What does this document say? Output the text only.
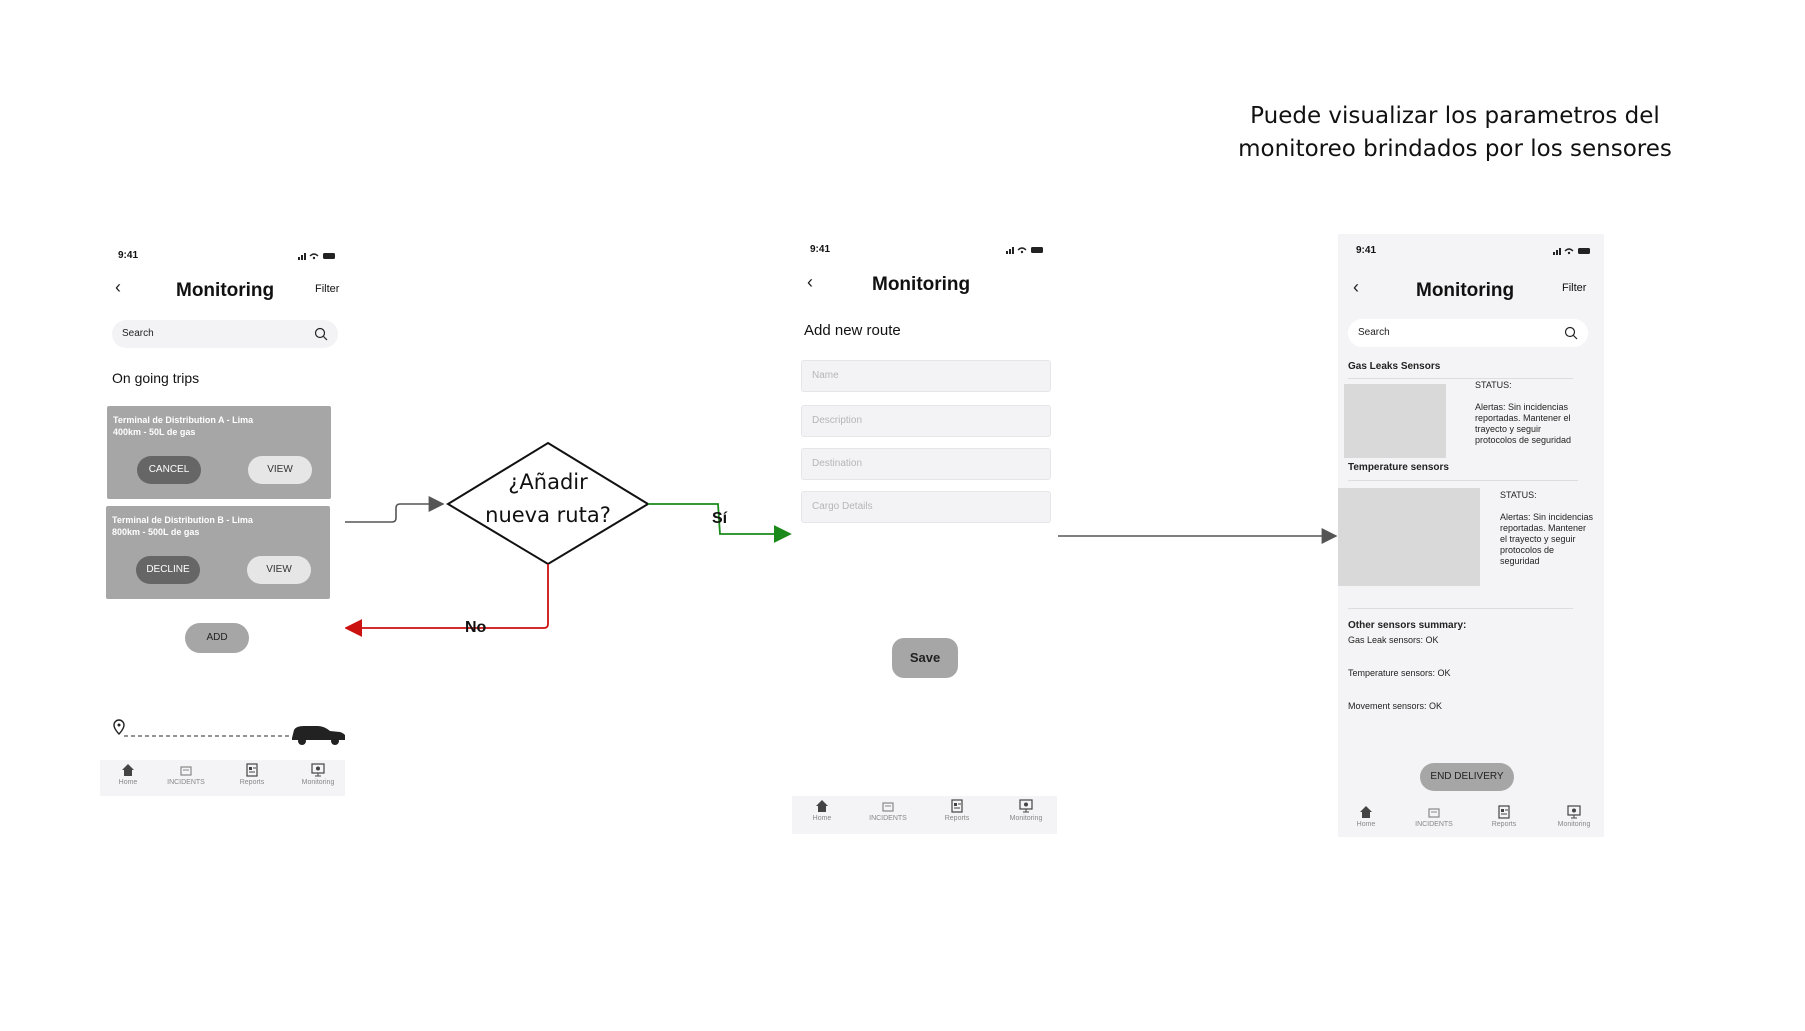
Puede visualizar los parametros del
monitoreo brindados por los sensores
¿Añadir
nueva ruta?	Sí
No
9:41
‹	Monitoring	Filter
Search
On going trips
Terminal de Distribution A - Lima
400km - 50L de gas
CANCEL	VIEW
Terminal de Distribution B - Lima
800km - 500L de gas
DECLINE	VIEW
ADD
Home	INCIDENTS	Reports	Monitoring
9:41
‹	Monitoring
Add new route
Name
Description
Destination
Cargo Details
Save
Home	INCIDENTS	Reports	Monitoring
9:41
‹	Monitoring	Filter
Search
Gas Leaks Sensors
STATUS:
Alertas: Sin incidencias
reportadas. Mantener el
trayecto y seguir
protocolos de seguridad
Temperature sensors
STATUS:
Alertas: Sin incidencias
reportadas. Mantener
el trayecto y seguir
protocolos de
seguridad
Other sensors summary:
Gas Leak sensors: OK
Temperature sensors: OK
Movement sensors: OK
END DELIVERY
Home	INCIDENTS	Reports	Monitoring
